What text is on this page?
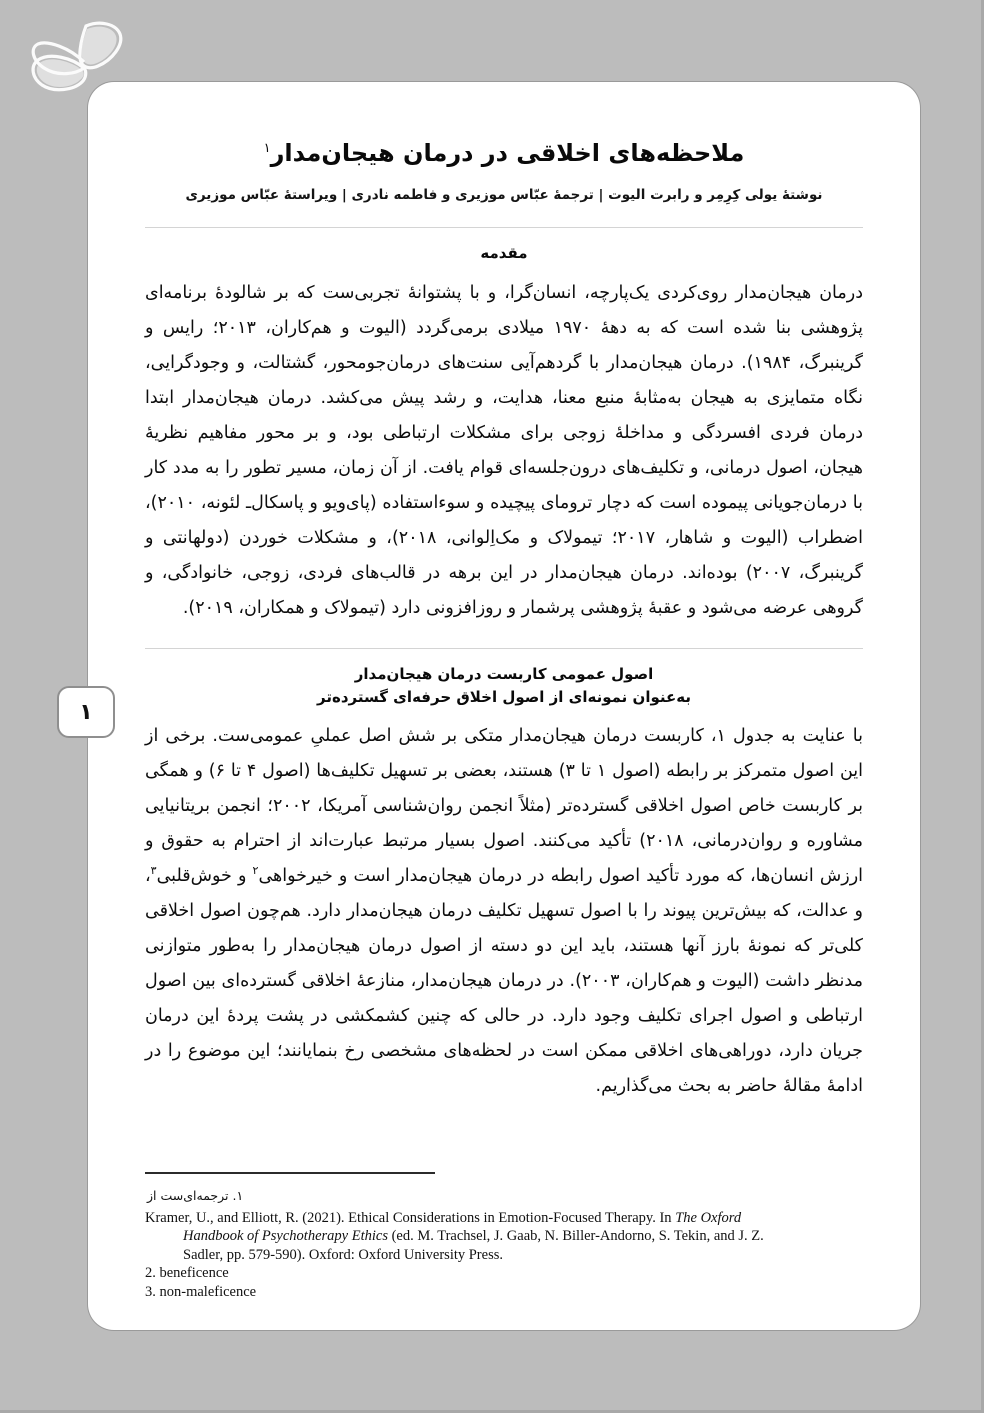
ملاحظه‌های اخلاقی در درمان هیجان‌مدار$^۱$
نوشتهٔ یولی کِرِمِر و رابرت الیوت | ترجمهٔ عبّاس موزیری و فاطمه نادری | ویراستهٔ عبّاس موزیری
مقدمه

درمان هیجان‌مدار روی‌کردی یک‌پارچه، انسان‌گرا، و با پشتوانهٔ تجربی‌ست که بر شالودهٔ برنامه‌ای پژوهشی بنا شده است که به دههٔ ۱۹۷۰ میلادی برمی‌گردد (الیوت و هم‌کاران، ۲۰۱۳؛ رایس و گرینبرگ، ۱۹۸۴). درمان هیجان‌مدار با گردهم‌آیی سنت‌های درمان‌جومحور، گشتالت، و وجودگرایی، نگاه متمایزی به هیجان به‌مثابهٔ منبع معنا، هدایت، و رشد پیش می‌کشد. درمان هیجان‌مدار ابتدا درمان فردی افسردگی و مداخلهٔ زوجی برای مشکلات ارتباطی بود، و بر محور مفاهیم نظریهٔ هیجان، اصول درمانی، و تکلیف‌های درون‌جلسه‌ای قوام یافت. از آن زمان، مسیر تطور را به مدد کار با درمان‌جویانی پیموده است که دچار ترومای پیچیده و سوءاستفاده (پای‌ویو و پاسکال‌ـ لئونه، ۲۰۱۰)، اضطراب (الیوت و شاهار، ۲۰۱۷؛ تیمولاک و مک‌اِلوانی، ۲۰۱۸)، و مشکلات خوردن (دولهانتی و گرینبرگ، ۲۰۰۷) بوده‌اند. درمان هیجان‌مدار در این برهه در قالب‌های فردی، زوجی، خانوادگی، و گروهی عرضه می‌شود و عقبهٔ پژوهشی پرشمار و روزافزونی دارد (تیمولاک و همکاران، ۲۰۱۹).

اصول عمومی کاربست درمان هیجان‌مدار
به‌عنوان نمونه‌ای از اصول اخلاق حرفه‌ای گسترده‌تر

با عنایت به جدول ۱، کاربست درمان هیجان‌مدار متکی بر شش اصل عملیِ عمومی‌ست. برخی از این اصول متمرکز بر رابطه (اصول ۱ تا ۳) هستند، بعضی بر تسهیل تکلیف‌ها (اصول ۴ تا ۶) و همگی بر کاربست خاص اصول اخلاقی گسترده‌تر (مثلاً انجمن روان‌شناسی آمریکا، ۲۰۰۲؛ انجمن بریتانیایی مشاوره و روان‌درمانی، ۲۰۱۸) تأکید می‌کنند. اصول بسیار مرتبط عبارت‌اند از احترام به حقوق و ارزش انسان‌ها، که مورد تأکید اصول رابطه در درمان هیجان‌مدار است و خیرخواهی$^۲$ و خوش‌قلبی$^۳$، و عدالت، که بیش‌ترین پیوند را با اصول تسهیل تکلیف درمان هیجان‌مدار دارد. هم‌چون اصول اخلاقی کلی‌تر که نمونهٔ بارز آنها هستند، باید این دو دسته از اصول درمان هیجان‌مدار را به‌طور متوازنی مدنظر داشت (الیوت و هم‌کاران، ۲۰۰۳). در درمان هیجان‌مدار، منازعهٔ اخلاقی گسترده‌ای بین اصول ارتباطی و اصول اجرای تکلیف وجود دارد. در حالی که چنین کشمکشی در پشت پردهٔ این درمان جریان دارد، دوراهی‌های اخلاقی ممکن است در لحظه‌های مشخصی رخ بنمایانند؛ این موضوع را در ادامهٔ مقالهٔ حاضر به بحث می‌گذاریم.

۱. ترجمه‌ای‌ست از
Kramer, U., and Elliott, R. (2021). Ethical Considerations in Emotion-Focused Therapy. In The Oxford
Handbook of Psychotherapy Ethics (ed. M. Trachsel, J. Gaab, N. Biller-Andorno, S. Tekin, and J. Z.
Sadler, pp. 579-590). Oxford: Oxford University Press.
2. beneficence
3. non-maleficence
۱
